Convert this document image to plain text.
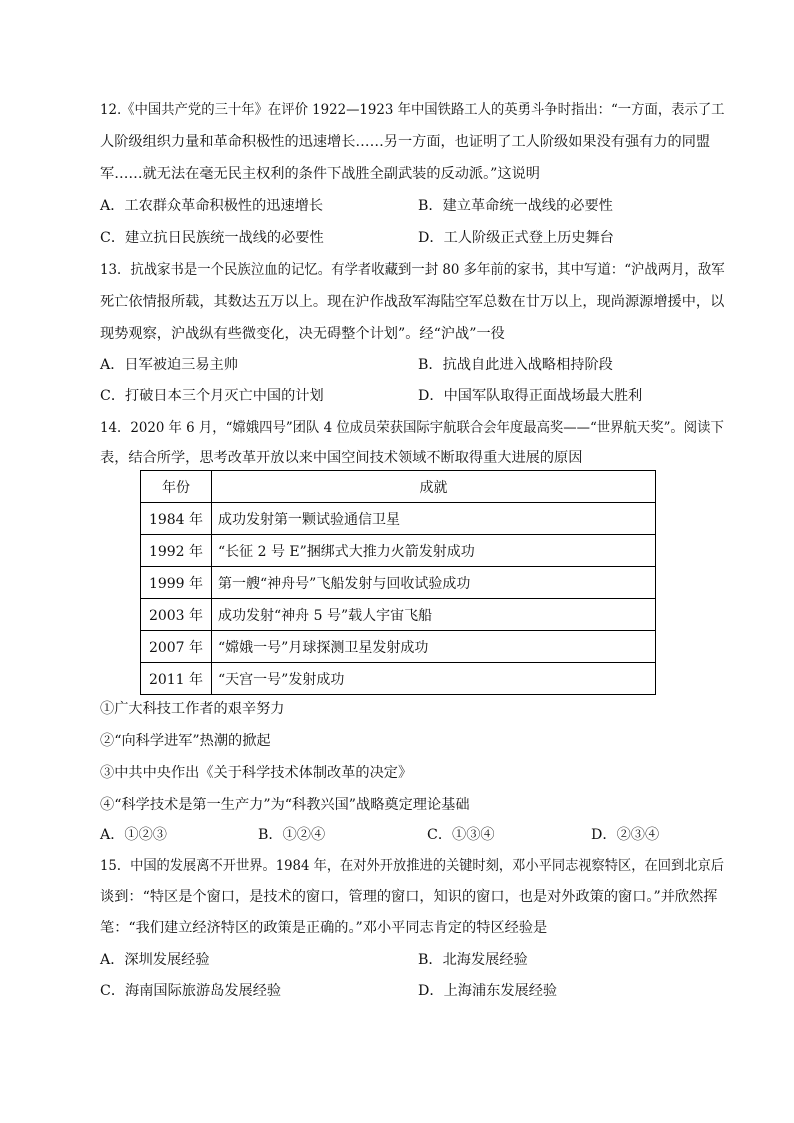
12.《中国共产党的三十年》在评价 1922—1923 年中国铁路工人的英勇斗争时指出：“一方面，表示了工
人阶级组织力量和革命积极性的迅速增长……另一方面，也证明了工人阶级如果没有强有力的同盟
军……就无法在毫无民主权利的条件下战胜全副武装的反动派。”这说明
A．工农群众革命积极性的迅速增长	B．建立革命统一战线的必要性
C．建立抗日民族统一战线的必要性	D．工人阶级正式登上历史舞台
13．抗战家书是一个民族泣血的记忆。有学者收藏到一封 80 多年前的家书，其中写道：“沪战两月，敌军
死亡依情报所载，其数达五万以上。现在沪作战敌军海陆空军总数在廿万以上，现尚源源增援中，以
现势观察，沪战纵有些微变化，决无碍整个计划”。经“沪战”一役
A．日军被迫三易主帅	B．抗战自此进入战略相持阶段
C．打破日本三个月灭亡中国的计划	D．中国军队取得正面战场最大胜利
14．2020 年 6 月，“嫦娥四号”团队 4 位成员荣获国际宇航联合会年度最高奖——“世界航天奖”。阅读下
表，结合所学，思考改革开放以来中国空间技术领域不断取得重大进展的原因
年份	成就
1984 年	成功发射第一颗试验通信卫星
1992 年	“长征 2 号 E”捆绑式大推力火箭发射成功
1999 年	第一艘“神舟号”飞船发射与回收试验成功
2003 年	成功发射“神舟 5 号”载人宇宙飞船
2007 年	“嫦娥一号”月球探测卫星发射成功
2011 年	“天宫一号”发射成功
①广大科技工作者的艰辛努力
②“向科学进军”热潮的掀起
③中共中央作出《关于科学技术体制改革的决定》
④“科学技术是第一生产力”为“科教兴国”战略奠定理论基础
A．①②③	B．①②④	C．①③④	D．②③④
15．中国的发展离不开世界。1984 年，在对外开放推进的关键时刻，邓小平同志视察特区，在回到北京后
谈到：“特区是个窗口，是技术的窗口，管理的窗口，知识的窗口，也是对外政策的窗口。”并欣然挥
笔：“我们建立经济特区的政策是正确的。”邓小平同志肯定的特区经验是
A．深圳发展经验	B．北海发展经验
C．海南国际旅游岛发展经验	D．上海浦东发展经验
